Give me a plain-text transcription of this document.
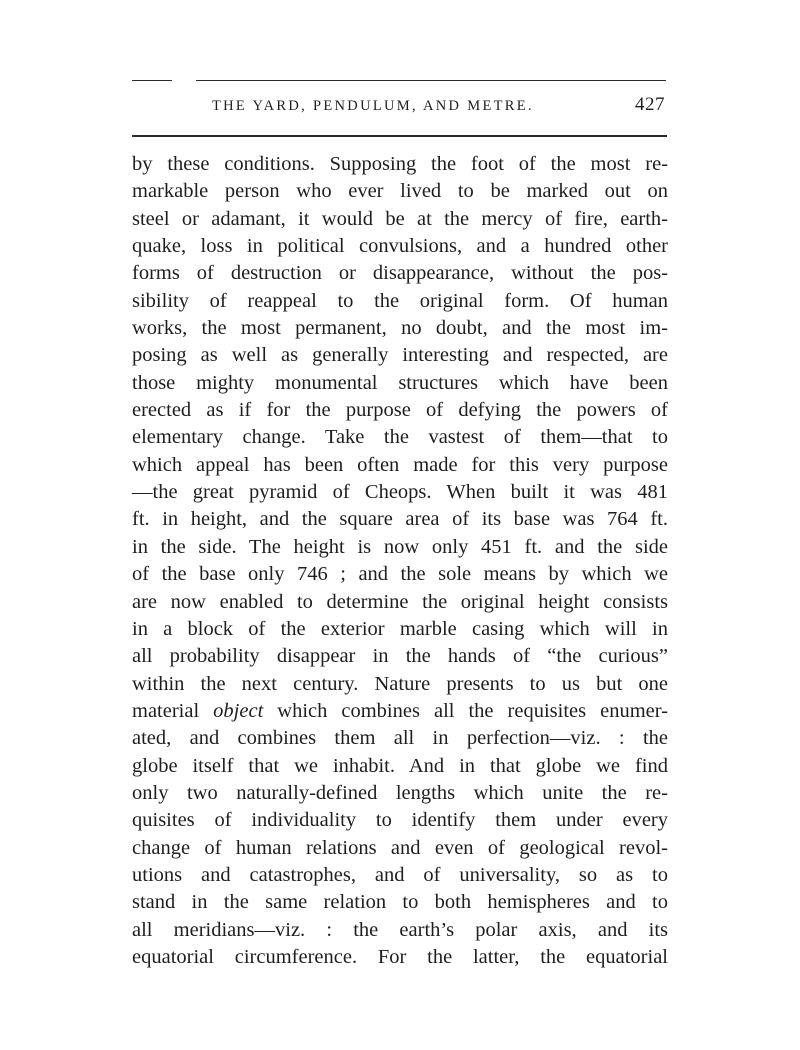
THE YARD, PENDULUM, AND METRE.	427
by these conditions. Supposing the foot of the most re-
markable person who ever lived to be marked out on
steel or adamant, it would be at the mercy of fire, earth-
quake, loss in political convulsions, and a hundred other
forms of destruction or disappearance, without the pos-
sibility of reappeal to the original form. Of human
works, the most permanent, no doubt, and the most im-
posing as well as generally interesting and respected, are
those mighty monumental structures which have been
erected as if for the purpose of defying the powers of
elementary change. Take the vastest of them—that to
which appeal has been often made for this very purpose
—the great pyramid of Cheops. When built it was 481
ft. in height, and the square area of its base was 764 ft.
in the side. The height is now only 451 ft. and the side
of the base only 746 ; and the sole means by which we
are now enabled to determine the original height consists
in a block of the exterior marble casing which will in
all probability disappear in the hands of “the curious”
within the next century. Nature presents to us but one
material object which combines all the requisites enumer-
ated, and combines them all in perfection—viz. : the
globe itself that we inhabit. And in that globe we find
only two naturally-defined lengths which unite the re-
quisites of individuality to identify them under every
change of human relations and even of geological revol-
utions and catastrophes, and of universality, so as to
stand in the same relation to both hemispheres and to
all meridians—viz. : the earth’s polar axis, and its
equatorial circumference. For the latter, the equatorial
